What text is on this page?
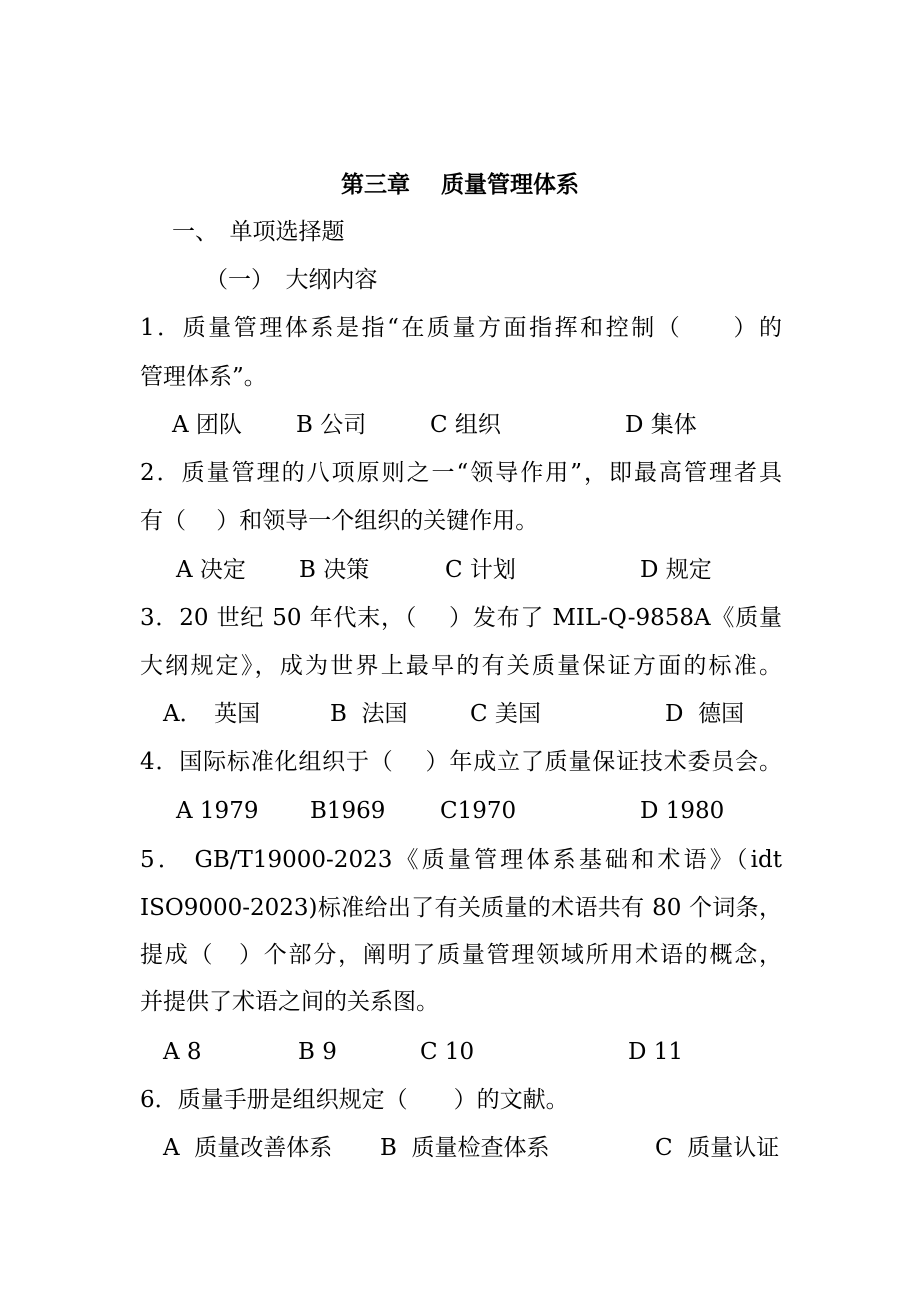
第三章　 质量管理体系
一、　单项选择题
（一）　大纲内容
1．质量管理体系是指“在质量方面指挥和控制（　　）的
管理体系”。
A 团队 B 公司	C 组织	D 集体
2．质量管理的八项原则之一“领导作用”，即最高管理者具
有（　 ）和领导一个组织的关键作用。
A 决定 B 决策	C 计划	D 规定
3．20 世纪 50 年代末，（　 ）发布了 MIL-Q-9858A《质量
大纲规定》，成为世界上最早的有关质量保证方面的标准。
A．　英国	B  法国	C 美国	D  德国
4．国际标准化组织于（　 ）年成立了质量保证技术委员会。
A 1979 B1969 C1970	D 1980
5． GB/T19000-2023《质量管理体系基础和术语》（idt
ISO9000-2023)标准给出了有关质量的术语共有 80 个词条，
提成（　）个部分，阐明了质量管理领域所用术语的概念，
并提供了术语之间的关系图。
A 8	B 9	C 10	D 11
6．质量手册是组织规定（　　）的文献。
A  质量改善体系 B  质量检查体系	C  质量认证
